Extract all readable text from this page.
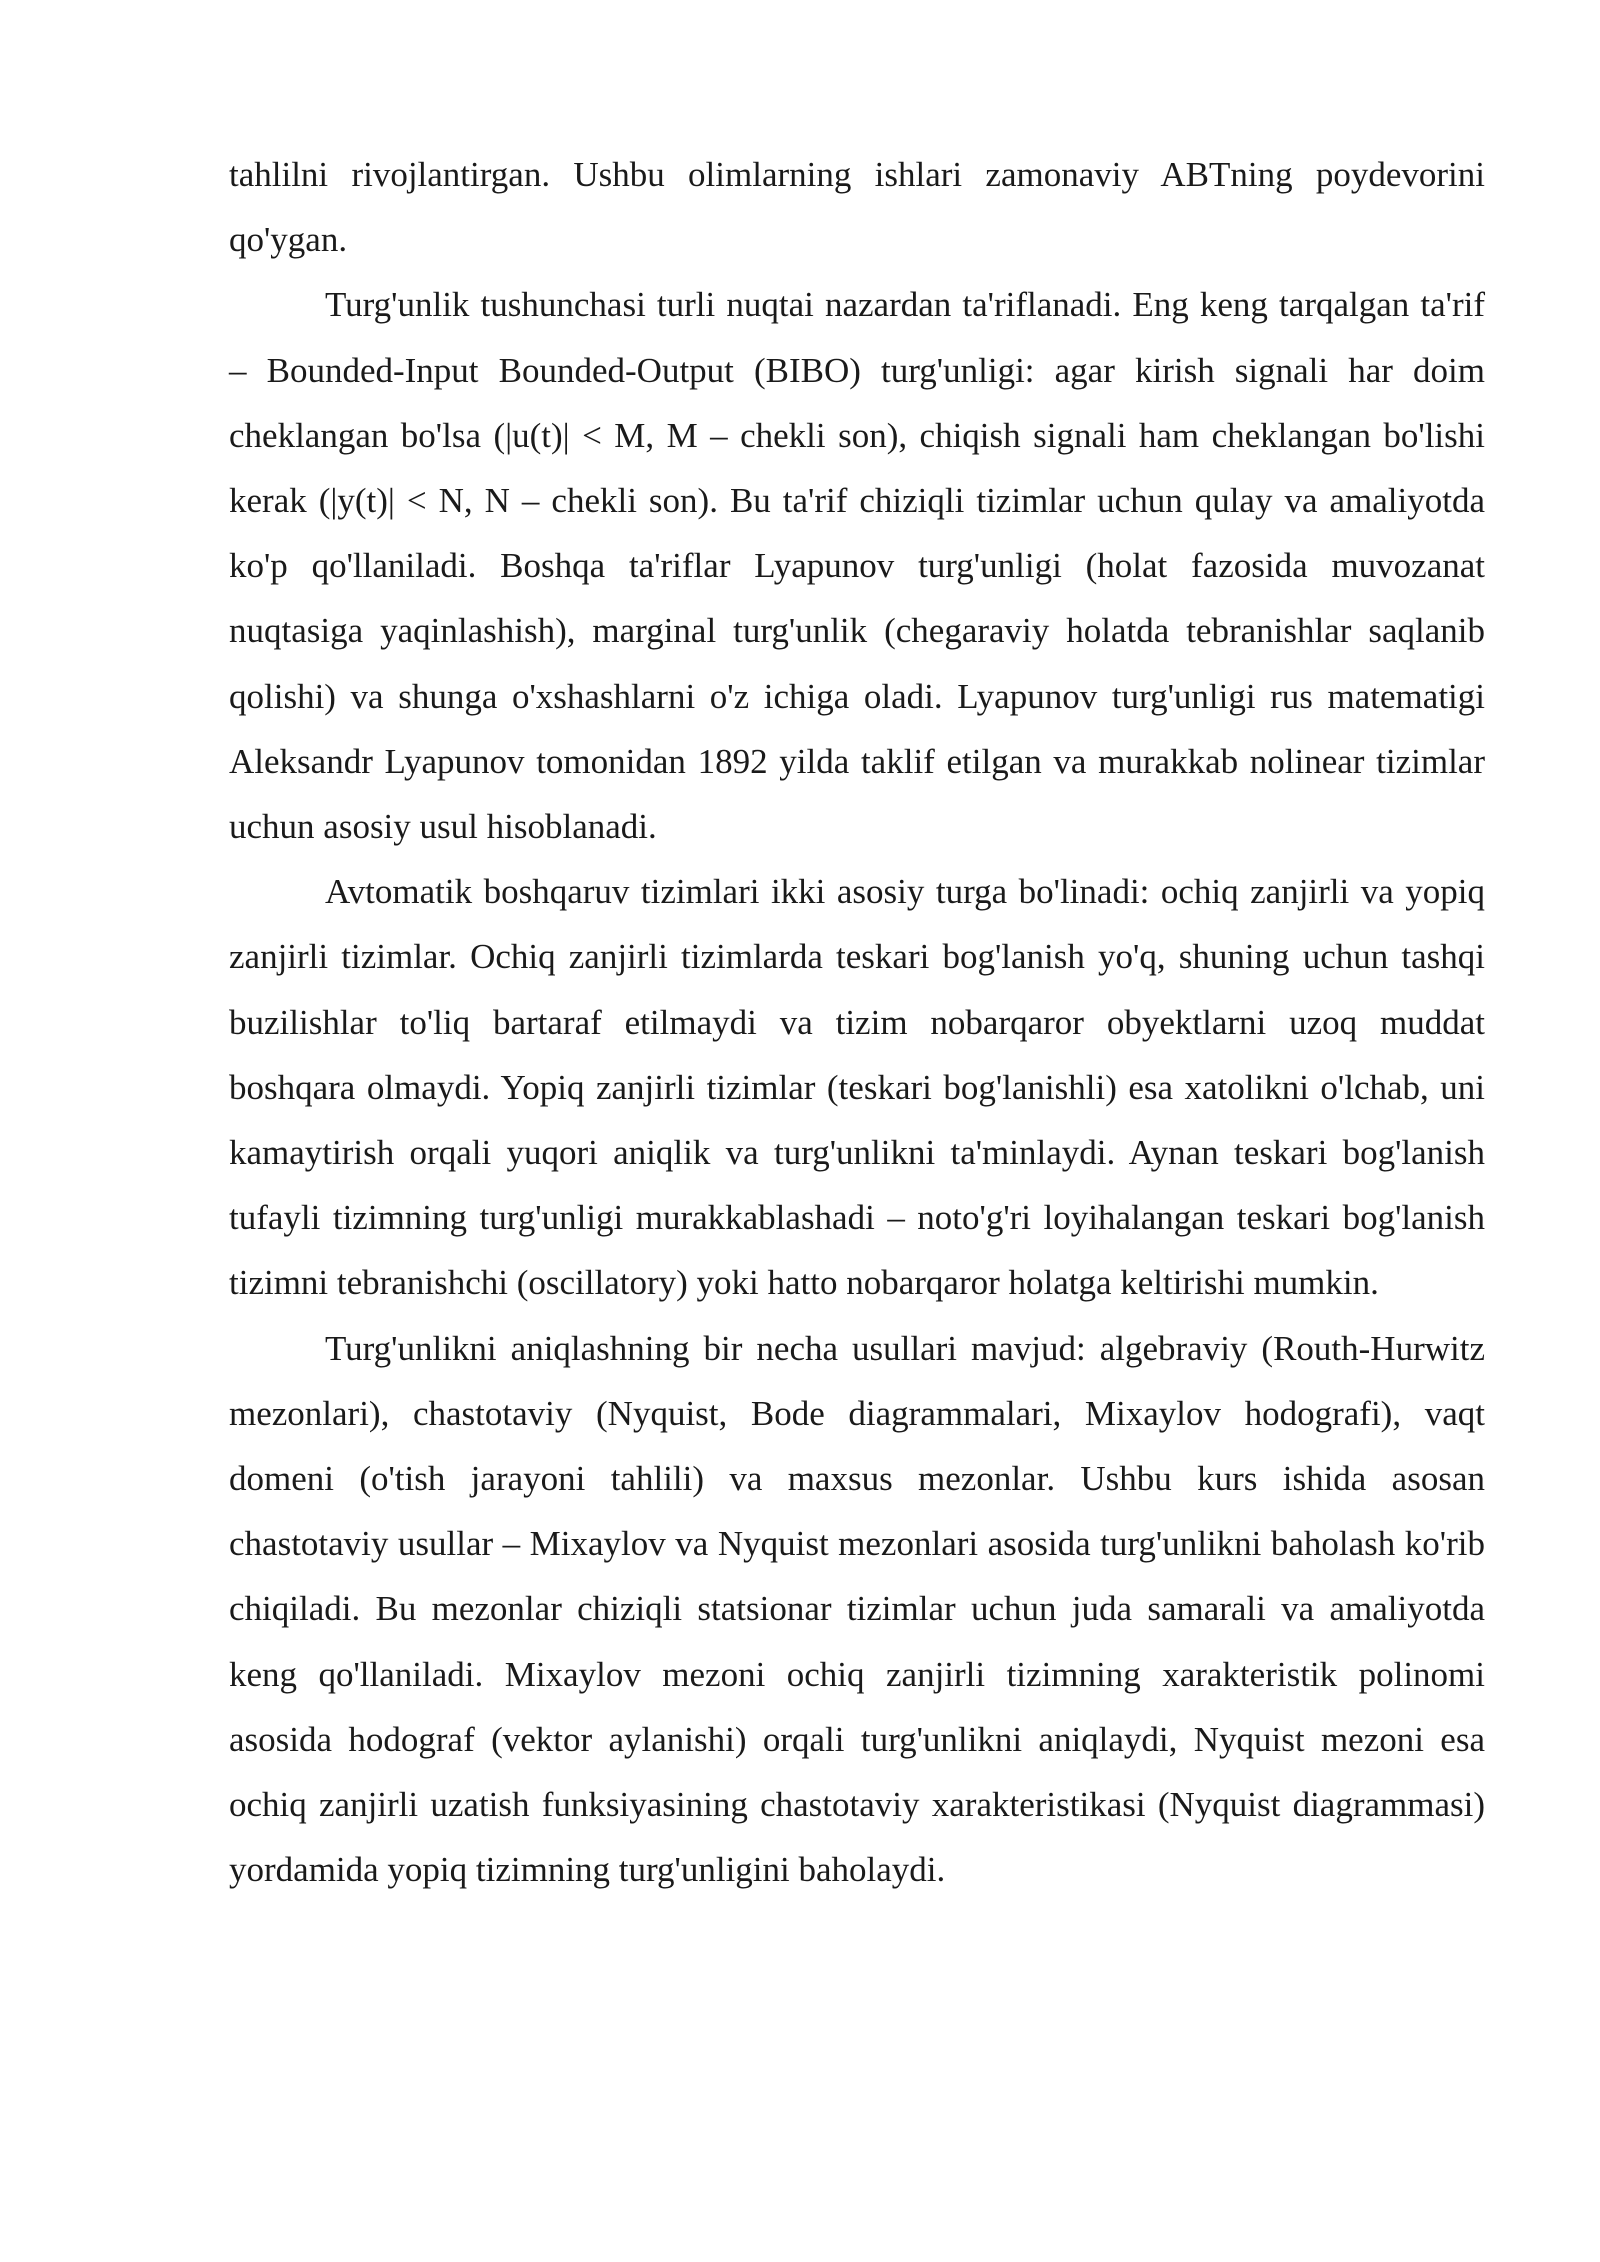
tahlilni rivojlantirgan. Ushbu olimlarning ishlari zamonaviy ABTning poydevorini qo'ygan.

Turg'unlik tushunchasi turli nuqtai nazardan ta'riflanadi. Eng keng tarqalgan ta'rif – Bounded-Input Bounded-Output (BIBO) turg'unligi: agar kirish signali har doim cheklangan bo'lsa (|u(t)| < M, M – chekli son), chiqish signali ham cheklangan bo'lishi kerak (|y(t)| < N, N – chekli son). Bu ta'rif chiziqli tizimlar uchun qulay va amaliyotda ko'p qo'llaniladi. Boshqa ta'riflar Lyapunov turg'unligi (holat fazosida muvozanat nuqtasiga yaqinlashish), marginal turg'unlik (chegaraviy holatda tebranishlar saqlanib qolishi) va shunga o'xshashlarni o'z ichiga oladi. Lyapunov turg'unligi rus matematigi Aleksandr Lyapunov tomonidan 1892 yilda taklif etilgan va murakkab nolinear tizimlar uchun asosiy usul hisoblanadi.

Avtomatik boshqaruv tizimlari ikki asosiy turga bo'linadi: ochiq zanjirli va yopiq zanjirli tizimlar. Ochiq zanjirli tizimlarda teskari bog'lanish yo'q, shuning uchun tashqi buzilishlar to'liq bartaraf etilmaydi va tizim nobarqaror obyektlarni uzoq muddat boshqara olmaydi. Yopiq zanjirli tizimlar (teskari bog'lanishli) esa xatolikni o'lchab, uni kamaytirish orqali yuqori aniqlik va turg'unlikni ta'minlaydi. Aynan teskari bog'lanish tufayli tizimning turg'unligi murakkablashadi – noto'g'ri loyihalangan teskari bog'lanish tizimni tebranishchi (oscillatory) yoki hatto nobarqaror holatga keltirishi mumkin.

Turg'unlikni aniqlashning bir necha usullari mavjud: algebraviy (Routh-Hurwitz mezonlari), chastotaviy (Nyquist, Bode diagrammalari, Mixaylov hodografi), vaqt domeni (o'tish jarayoni tahlili) va maxsus mezonlar. Ushbu kurs ishida asosan chastotaviy usullar – Mixaylov va Nyquist mezonlari asosida turg'unlikni baholash ko'rib chiqiladi. Bu mezonlar chiziqli statsionar tizimlar uchun juda samarali va amaliyotda keng qo'llaniladi. Mixaylov mezoni ochiq zanjirli tizimning xarakteristik polinomi asosida hodograf (vektor aylanishi) orqali turg'unlikni aniqlaydi, Nyquist mezoni esa ochiq zanjirli uzatish funksiyasining chastotaviy xarakteristikasi (Nyquist diagrammasi) yordamida yopiq tizimning turg'unligini baholaydi.
